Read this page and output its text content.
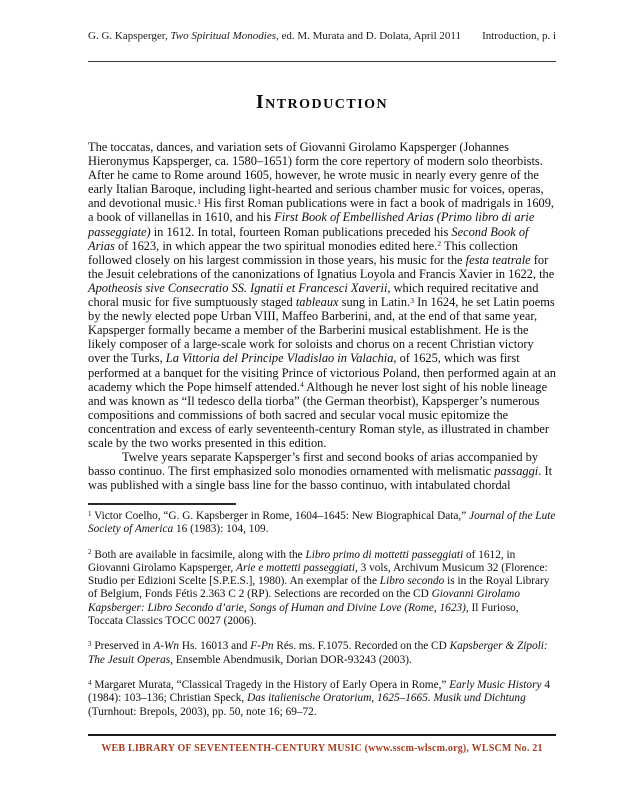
G. G. Kapsperger, Two Spiritual Monodies, ed. M. Murata and D. Dolata, April 2011 Introduction, p. i
Introduction

The toccatas, dances, and variation sets of Giovanni Girolamo Kapsperger (Johannes Hieronymus Kapsperger, ca. 1580–1651) form the core repertory of modern solo theorbists. After he came to Rome around 1605, however, he wrote music in nearly every genre of the early Italian Baroque, including light-hearted and serious chamber music for voices, operas, and devotional music.$^1$ His first Roman publications were in fact a book of madrigals in 1609, a book of villanellas in 1610, and his First Book of Embellished Arias (Primo libro di arie passeggiate) in 1612. In total, fourteen Roman publications preceded his Second Book of Arias of 1623, in which appear the two spiritual monodies edited here.$^2$ This collection followed closely on his largest commission in those years, his music for the festa teatrale for the Jesuit celebrations of the canonizations of Ignatius Loyola and Francis Xavier in 1622, the Apotheosis sive Consecratio SS. Ignatii et Francesci Xaverii, which required recitative and choral music for five sumptuously staged tableaux sung in Latin.$^3$ In 1624, he set Latin poems by the newly elected pope Urban VIII, Maffeo Barberini, and, at the end of that same year, Kapsperger formally became a member of the Barberini musical establishment. He is the likely composer of a large-scale work for soloists and chorus on a recent Christian victory over the Turks, La Vittoria del Principe Vladislao in Valachia, of 1625, which was first performed at a banquet for the visiting Prince of victorious Poland, then performed again at an academy which the Pope himself attended.$^4$ Although he never lost sight of his noble lineage and was known as “Il tedesco della tiorba” (the German theorbist), Kapsperger’s numerous compositions and commissions of both sacred and secular vocal music epitomize the concentration and excess of early seventeenth-century Roman style, as illustrated in chamber scale by the two works presented in this edition.

Twelve years separate Kapsperger’s first and second books of arias accompanied by basso continuo. The first emphasized solo monodies ornamented with melismatic passaggi. It was published with a single bass line for the basso continuo, with intabulated chordal

$^1$ Victor Coelho, “G. G. Kapsberger in Rome, 1604–1645: New Biographical Data,” Journal of the Lute Society of America 16 (1983): 104, 109.

$^2$ Both are available in facsimile, along with the Libro primo di mottetti passeggiati of 1612, in Giovanni Girolamo Kapsperger, Arie e mottetti passeggiati, 3 vols, Archivum Musicum 32 (Florence: Studio per Edizioni Scelte [S.P.E.S.], 1980). An exemplar of the Libro secondo is in the Royal Library of Belgium, Fonds Fétis 2.363 C 2 (RP). Selections are recorded on the CD Giovanni Girolamo Kapsberger: Libro Secondo d’arie, Songs of Human and Divine Love (Rome, 1623), Il Furioso, Toccata Classics TOCC 0027 (2006).

$^3$ Preserved in A-Wn Hs. 16013 and F-Pn Rés. ms. F.1075. Recorded on the CD Kapsberger & Zipoli: The Jesuit Operas, Ensemble Abendmusik, Dorian DOR-93243 (2003).

$^4$ Margaret Murata, “Classical Tragedy in the History of Early Opera in Rome,” Early Music History 4 (1984): 103–136; Christian Speck, Das italienische Oratorium, 1625–1665. Musik und Dichtung (Turnhout: Brepols, 2003), pp. 50, note 16; 69–72.

WEB LIBRARY OF SEVENTEENTH-CENTURY MUSIC (www.sscm-wlscm.org), WLSCM No. 21
